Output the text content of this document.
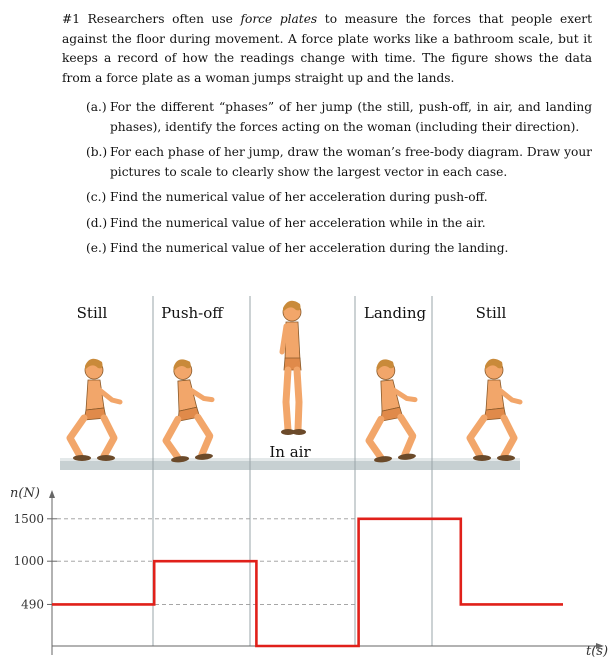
#1 Researchers often use force plates to measure the forces that people exert against the floor during movement. A force plate works like a bathroom scale, but it keeps a record of how the readings change with time. The figure shows the data from a force plate as a woman jumps straight up and the lands.

(a.) For the different “phases” of her jump (the still, push-off, in air, and landing phases), identify the forces acting on the woman (including their direction).
(b.) For each phase of her jump, draw the woman’s free-body diagram. Draw your pictures to scale to clearly show the largest vector in each case.
(c.) Find the numerical value of her acceleration during push-off.
(d.) Find the numerical value of her acceleration while in the air.
(e.) Find the numerical value of her acceleration during the landing.
Still	Push-off
In air
Landing	Still
n(N)
t(s)
490
1000
1500
